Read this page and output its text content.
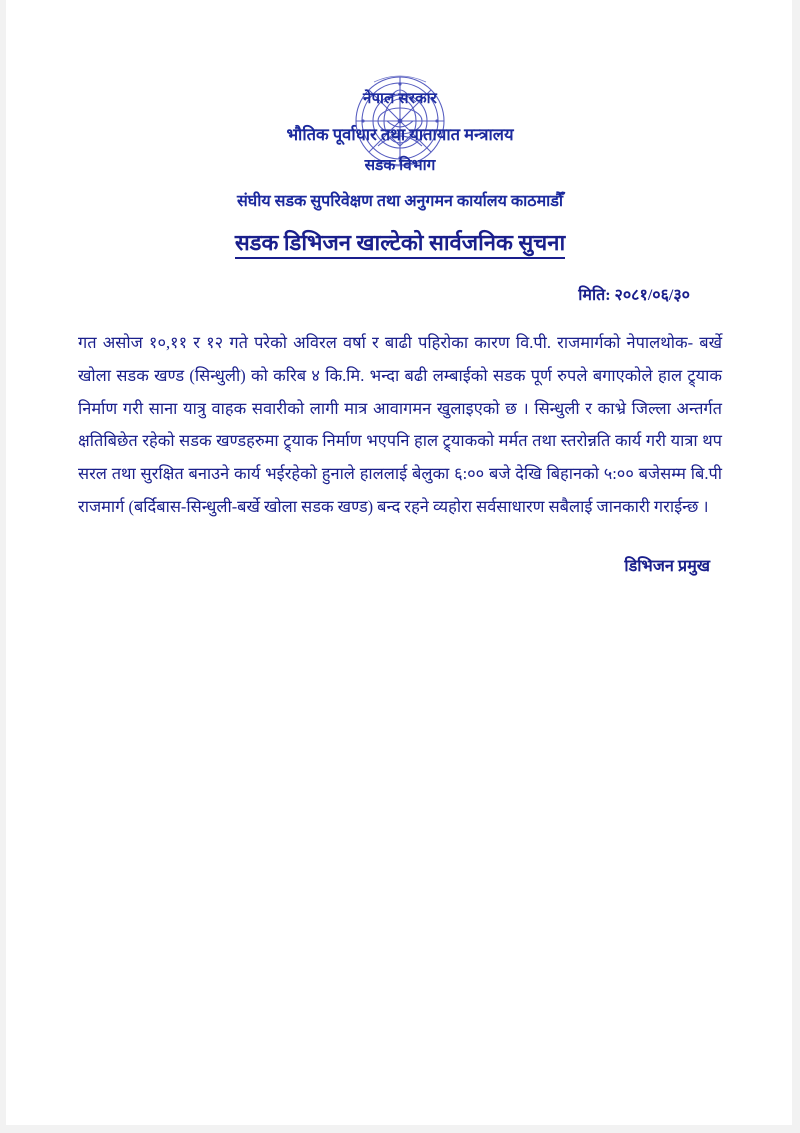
नेपाल सरकार
भौतिक पूर्वाधार तथा यातायात मन्त्रालय
सडक विभाग
संघीय सडक सुपरिवेक्षण तथा अनुगमन कार्यालय काठमाडौँ
सडक डिभिजन खाल्टेको सार्वजनिक सुचना
मिति: २०८१/०६/३०
गत असोज १०,११ र १२ गते परेको अविरल वर्षा र बाढी पहिरोका कारण वि.पी. राजमार्गको नेपालथोक- बर्खे खोला सडक खण्ड (सिन्धुली) को करिब ४ कि.मि. भन्दा बढी लम्बाईको सडक पूर्ण रुपले बगाएकोले हाल ट्र्याक निर्माण गरी साना यात्रु वाहक सवारीको लागी मात्र आवागमन खुलाइएको छ । सिन्धुली र काभ्रे जिल्ला अन्तर्गत क्षतिबिछेत रहेको सडक खण्डहरुमा ट्र्याक निर्माण भएपनि हाल ट्र्याकको मर्मत तथा स्तरोन्नति कार्य गरी यात्रा थप सरल तथा सुरक्षित बनाउने कार्य भईरहेको हुनाले हाललाई बेलुका ६:०० बजे देखि बिहानको ५:०० बजेसम्म बि.पी राजमार्ग (बर्दिबास-सिन्धुली-बर्खे खोला सडक खण्ड) बन्द रहने व्यहोरा सर्वसाधारण सबैलाई जानकारी गराईन्छ ।
डिभिजन प्रमुख
